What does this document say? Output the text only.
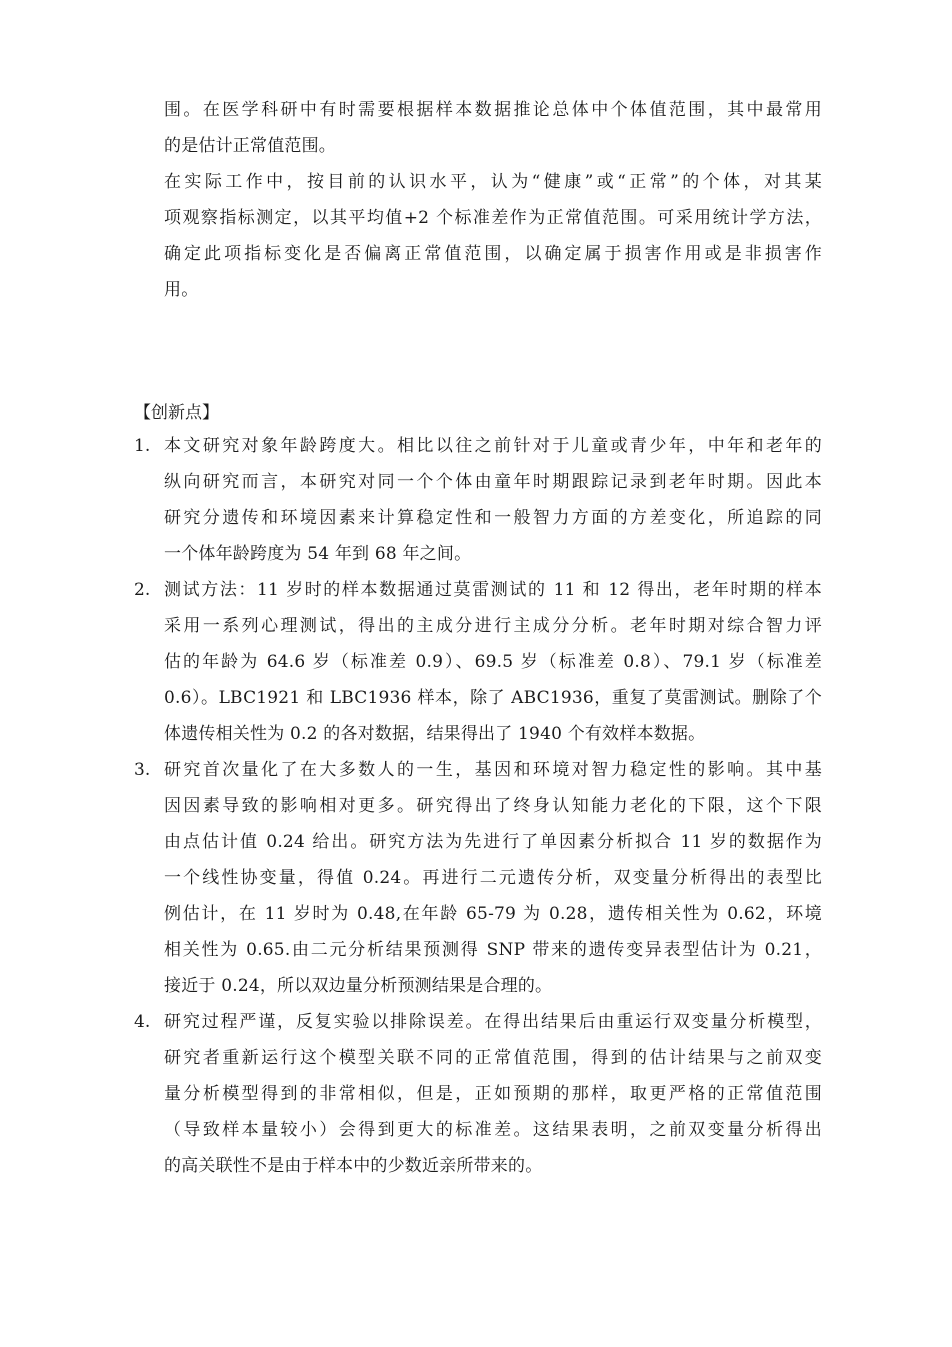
围。在医学科研中有时需要根据样本数据推论总体中个体值范围，其中最常用
的是估计正常值范围。
在实际工作中，按目前的认识水平，认为“健康”或“正常”的个体，对其某
项观察指标测定，以其平均值+2 个标准差作为正常值范围。可采用统计学方法，
确定此项指标变化是否偏离正常值范围，以确定属于损害作用或是非损害作
用。
【创新点】
1. 本文研究对象年龄跨度大。相比以往之前针对于儿童或青少年，中年和老年的
纵向研究而言，本研究对同一个个体由童年时期跟踪记录到老年时期。因此本
研究分遗传和环境因素来计算稳定性和一般智力方面的方差变化，所追踪的同
一个体年龄跨度为 54 年到 68 年之间。
2. 测试方法：11 岁时的样本数据通过莫雷测试的 11 和 12 得出，老年时期的样本
采用一系列心理测试，得出的主成分进行主成分分析。老年时期对综合智力评
估的年龄为 64.6 岁（标准差 0.9）、69.5 岁（标准差 0.8）、79.1 岁（标准差
0.6）。LBC1921 和 LBC1936 样本，除了 ABC1936，重复了莫雷测试。删除了个
体遗传相关性为 0.2 的各对数据，结果得出了 1940 个有效样本数据。
3. 研究首次量化了在大多数人的一生，基因和环境对智力稳定性的影响。其中基
因因素导致的影响相对更多。研究得出了终身认知能力老化的下限，这个下限
由点估计值 0.24 给出。研究方法为先进行了单因素分析拟合 11 岁的数据作为
一个线性协变量，得值 0.24。再进行二元遗传分析，双变量分析得出的表型比
例估计，在 11 岁时为 0.48,在年龄 65-79 为 0.28，遗传相关性为 0.62，环境
相关性为 0.65.由二元分析结果预测得 SNP 带来的遗传变异表型估计为 0.21，
接近于 0.24，所以双边量分析预测结果是合理的。
4. 研究过程严谨，反复实验以排除误差。在得出结果后由重运行双变量分析模型，
研究者重新运行这个模型关联不同的正常值范围，得到的估计结果与之前双变
量分析模型得到的非常相似，但是，正如预期的那样，取更严格的正常值范围
（导致样本量较小）会得到更大的标准差。这结果表明，之前双变量分析得出
的高关联性不是由于样本中的少数近亲所带来的。
